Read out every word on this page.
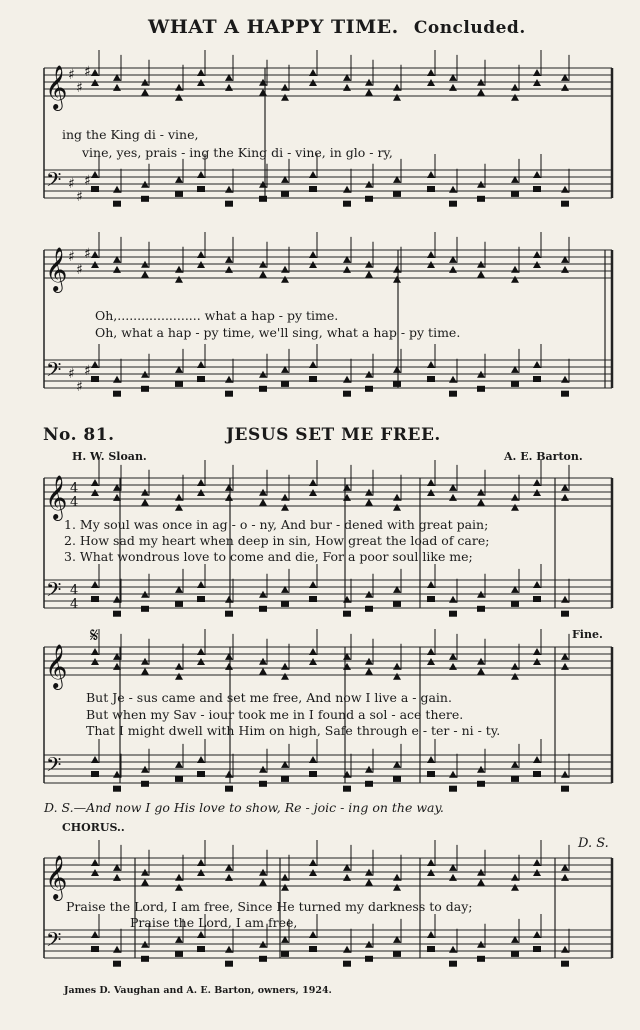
WHAT A HAPPY TIME. Concluded.
𝄞
𝄢
♯
♯
♯
♯
♯
♯
𝄞
𝄢
♯
♯
♯
♯
♯
♯
𝄞
𝄢
4
4
4
4
𝄞
𝄢
𝄞
𝄢
𝄋
ing the King di - vine,
vine, yes, prais - ing the King di - vine, in glo - ry,
Oh,..................... what a hap - py time.
Oh, what a hap - py time, we'll sing, what a hap - py time.
No. 81.	JESUS SET ME FREE.
H. W. Sloan.	A. E. Barton.
1. My soul was once in ag - o - ny, And bur - dened with great pain;
2. How sad my heart when deep in sin, How great the load of care;
3. What wondrous love to come and die, For a poor soul like me;
Fine.
But Je - sus came and set me free, And now I live a - gain.
But when my Sav - iour took me in I found a sol - ace there.
That I might dwell with Him on high, Safe through e - ter - ni - ty.
D. S.—And now I go His love to show, Re - joic - ing on the way.
CHORUS..
D. S.
Praise the Lord, I am free, Since He turned my darkness to day;
Praise the Lord, I am free,
James D. Vaughan and A. E. Barton, owners, 1924.
